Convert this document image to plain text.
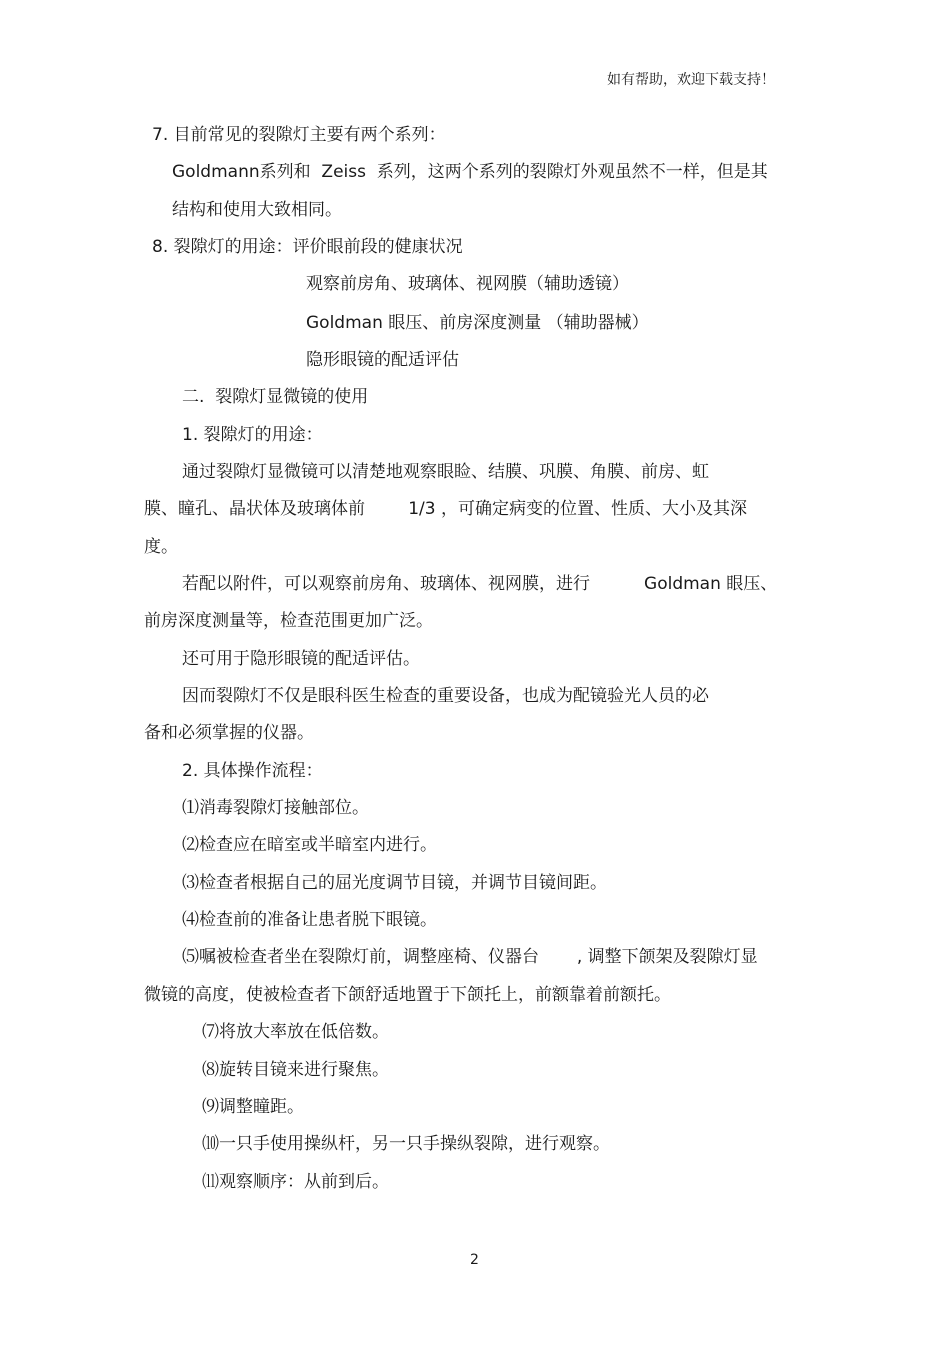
如有帮助，欢迎下载支持！
7. 目前常见的裂隙灯主要有两个系列：
Goldmann系列和  Zeiss  系列，这两个系列的裂隙灯外观虽然不一样，但是其
结构和使用大致相同。
8. 裂隙灯的用途：评价眼前段的健康状况
观察前房角、玻璃体、视网膜（辅助透镜）
Goldman 眼压、前房深度测量 （辅助器械）
隐形眼镜的配适评估
二.  裂隙灯显微镜的使用
1. 裂隙灯的用途：
通过裂隙灯显微镜可以清楚地观察眼睑、结膜、巩膜、角膜、前房、虹
膜、瞳孔、晶状体及玻璃体前        1/3 ，可确定病变的位置、性质、大小及其深
度。
若配以附件，可以观察前房角、玻璃体、视网膜，进行          Goldman 眼压、
前房深度测量等，检查范围更加广泛。
还可用于隐形眼镜的配适评估。
因而裂隙灯不仅是眼科医生检查的重要设备，也成为配镜验光人员的必
备和必须掌握的仪器。
2. 具体操作流程：
⑴消毒裂隙灯接触部位。
⑵检查应在暗室或半暗室内进行。
⑶检查者根据自己的屈光度调节目镜，并调节目镜间距。
⑷检查前的准备让患者脱下眼镜。
⑸嘱被检查者坐在裂隙灯前，调整座椅、仪器台       , 调整下颌架及裂隙灯显
微镜的高度，使被检查者下颌舒适地置于下颌托上，前额靠着前额托。
⑺将放大率放在低倍数。
⑻旋转目镜来进行聚焦。
⑼调整瞳距。
⑽一只手使用操纵杆，另一只手操纵裂隙，进行观察。
⑾观察顺序：从前到后。
2
